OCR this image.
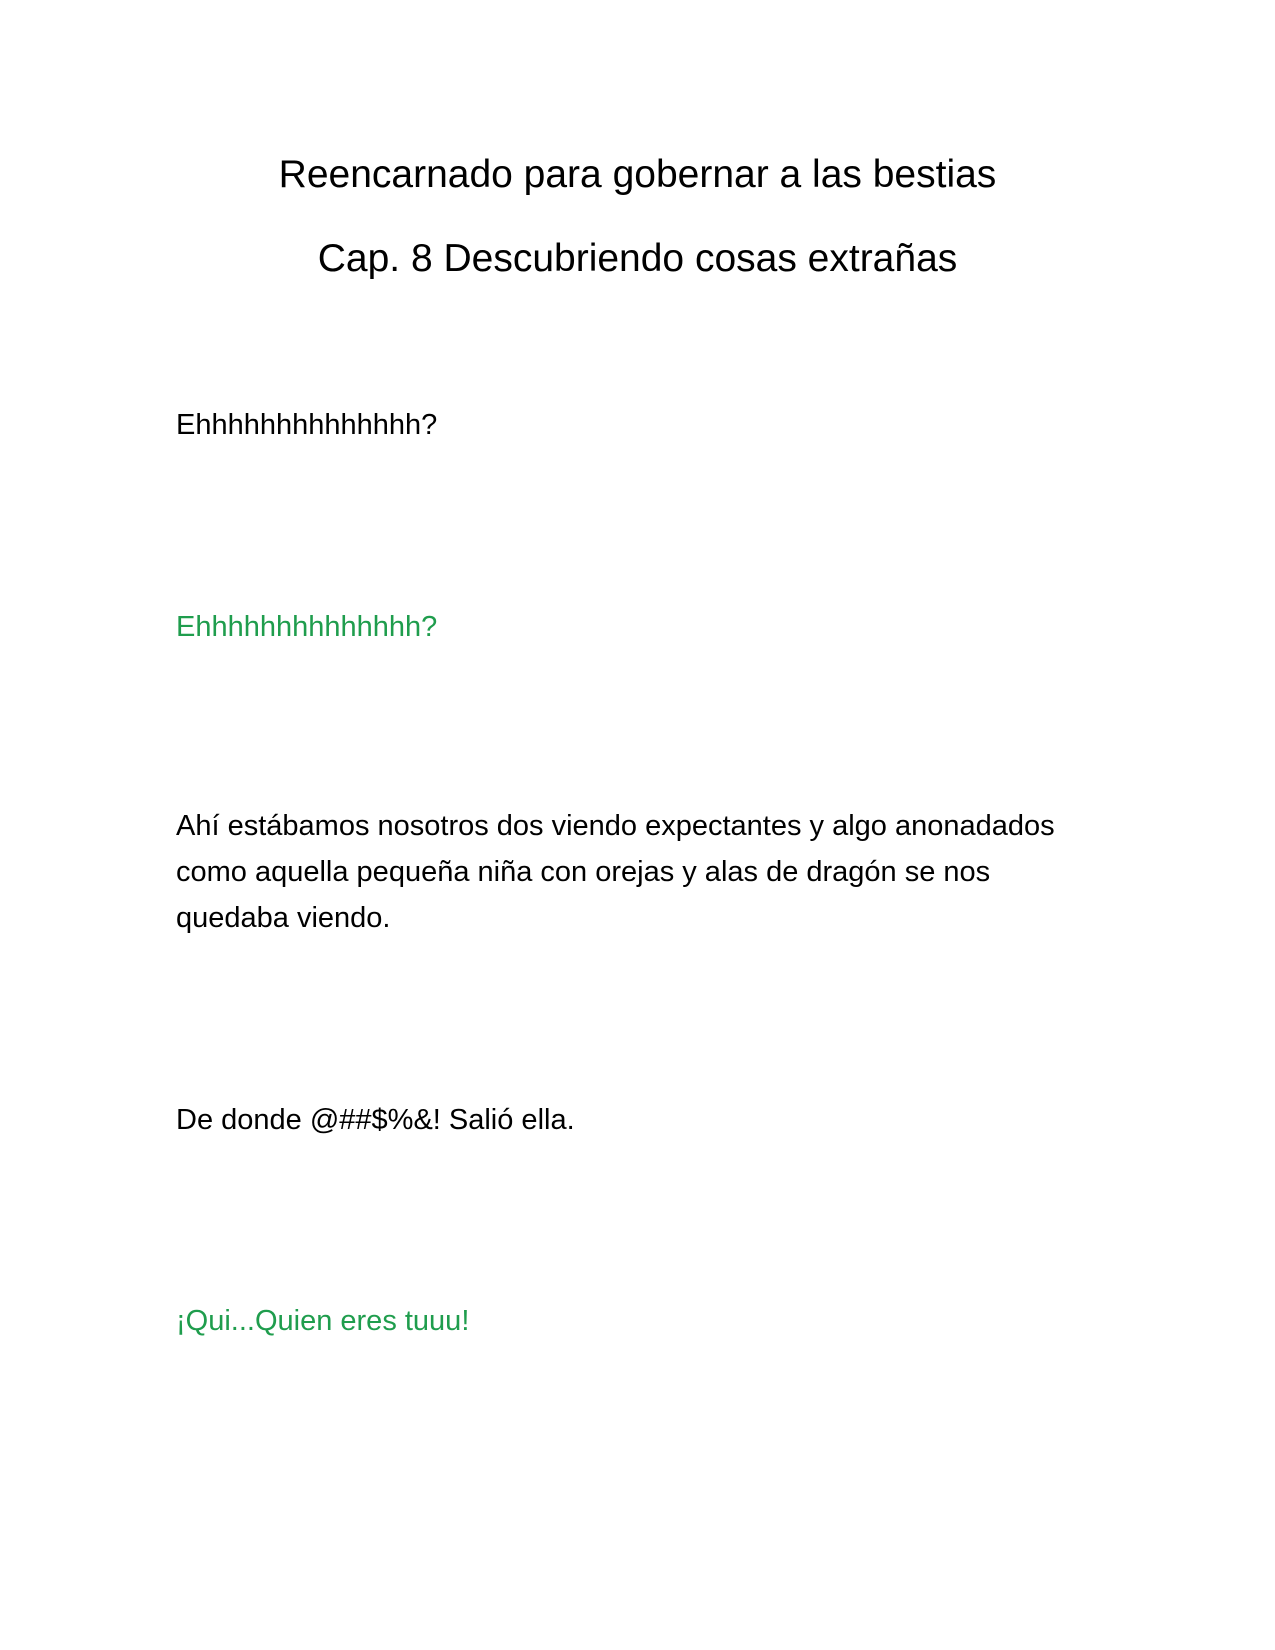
Reencarnado para gobernar a las bestias
Cap. 8 Descubriendo cosas extrañas

Ehhhhhhhhhhhhhh?

Ehhhhhhhhhhhhhh?

Ahí estábamos nosotros dos viendo expectantes y algo anonadados como aquella pequeña niña con orejas y alas de dragón se nos quedaba viendo.

De donde @##$%&! Salió ella.

¡Qui...Quien eres tuuu!
